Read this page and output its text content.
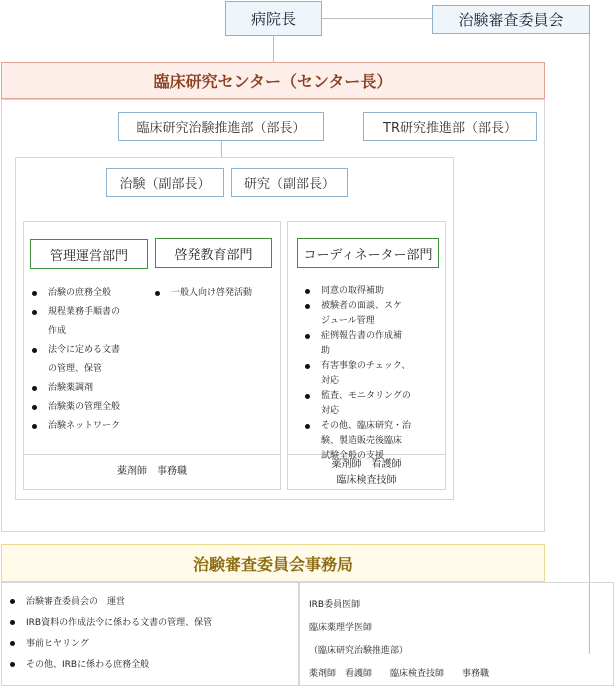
病院長	治験審査委員会
臨床研究センター（センター長）
臨床研究治験推進部（部長）	TR研究推進部（部長）
治験（副部長）	研究（副部長）
管理運営部門	啓発教育部門	コーディネーター部門
治験の庶務全般
規程業務手順書の
作成
法令に定める文書
の管理、保管
治験薬調剤
治験薬の管理全般
治験ネットワーク
一般人向け啓発活動	同意の取得補助
被験者の面談、スケ
ジュール管理
症例報告書の作成補
助
有害事象のチェック、
対応
監査、モニタリングの
対応
その他、臨床研究・治
験、製造販売後臨床
試験全般の支援
薬剤師　事務職
薬剤師　看護師
臨床検査技師
治験審査委員会事務局
治験審査委員会の　運営
IRB資料の作成法令に係わる文書の管理、保管
事前ヒヤリング
その他、IRBに係わる庶務全般
IRB委員医師
臨床薬理学医師
（臨床研究治験推進部）
薬剤師　看護師　　臨床検査技師　　事務職
